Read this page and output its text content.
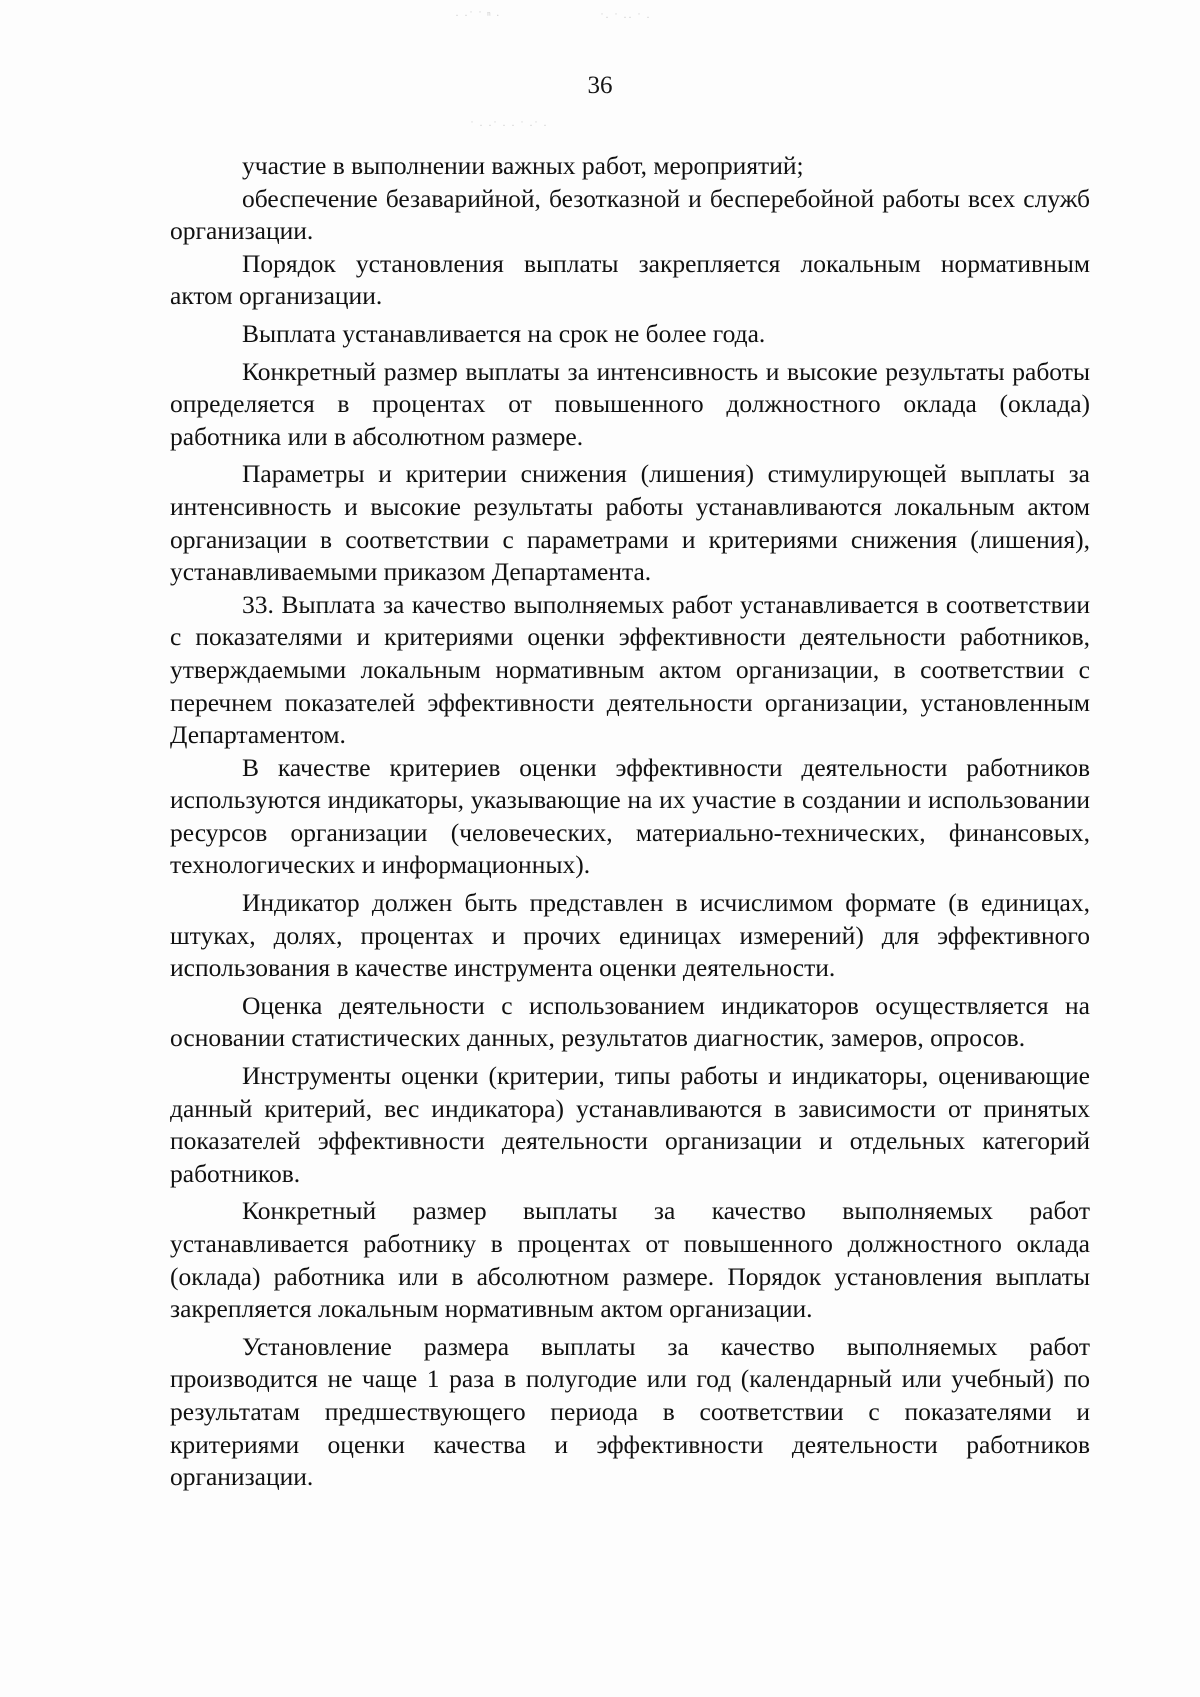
· ·˙ ˙ ⁿ ·	˙· ˙ ·· ˙ ·
˙ · ·˙ · · ˙ ·˙ ·
36

участие в выполнении важных работ, мероприятий;

обеспечение безаварийной, безотказной и бесперебойной работы всех служб организации.

Порядок установления выплаты закрепляется локальным нормативным актом организации.

Выплата устанавливается на срок не более года.

Конкретный размер выплаты за интенсивность и высокие результаты работы определяется в процентах от повышенного должностного оклада (оклада) работника или в абсолютном размере.

Параметры и критерии снижения (лишения) стимулирующей выплаты за интенсивность и высокие результаты работы устанавливаются локальным актом организации в соответствии с параметрами и критериями снижения (лишения), устанавливаемыми приказом Департамента.

33. Выплата за качество выполняемых работ устанавливается в соответствии с показателями и критериями оценки эффективности деятельности работников, утверждаемыми локальным нормативным актом организации, в соответствии с перечнем показателей эффективности деятельности организации, установленным Департаментом.

В качестве критериев оценки эффективности деятельности работников используются индикаторы, указывающие на их участие в создании и использовании ресурсов организации (человеческих, материально-технических, финансовых, технологических и информационных).

Индикатор должен быть представлен в исчислимом формате (в единицах, штуках, долях, процентах и прочих единицах измерений) для эффективного использования в качестве инструмента оценки деятельности.

Оценка деятельности с использованием индикаторов осуществляется на основании статистических данных, результатов диагностик, замеров, опросов.

Инструменты оценки (критерии, типы работы и индикаторы, оценивающие данный критерий, вес индикатора) устанавливаются в зависимости от принятых показателей эффективности деятельности организации и отдельных категорий работников.

Конкретный размер выплаты за качество выполняемых работ устанавливается работнику в процентах от повышенного должностного оклада (оклада) работника или в абсолютном размере. Порядок установления выплаты закрепляется локальным нормативным актом организации.

Установление размера выплаты за качество выполняемых работ производится не чаще 1 раза в полугодие или год (календарный или учебный) по результатам предшествующего периода в соответствии с показателями и критериями оценки качества и эффективности деятельности работников организации.
